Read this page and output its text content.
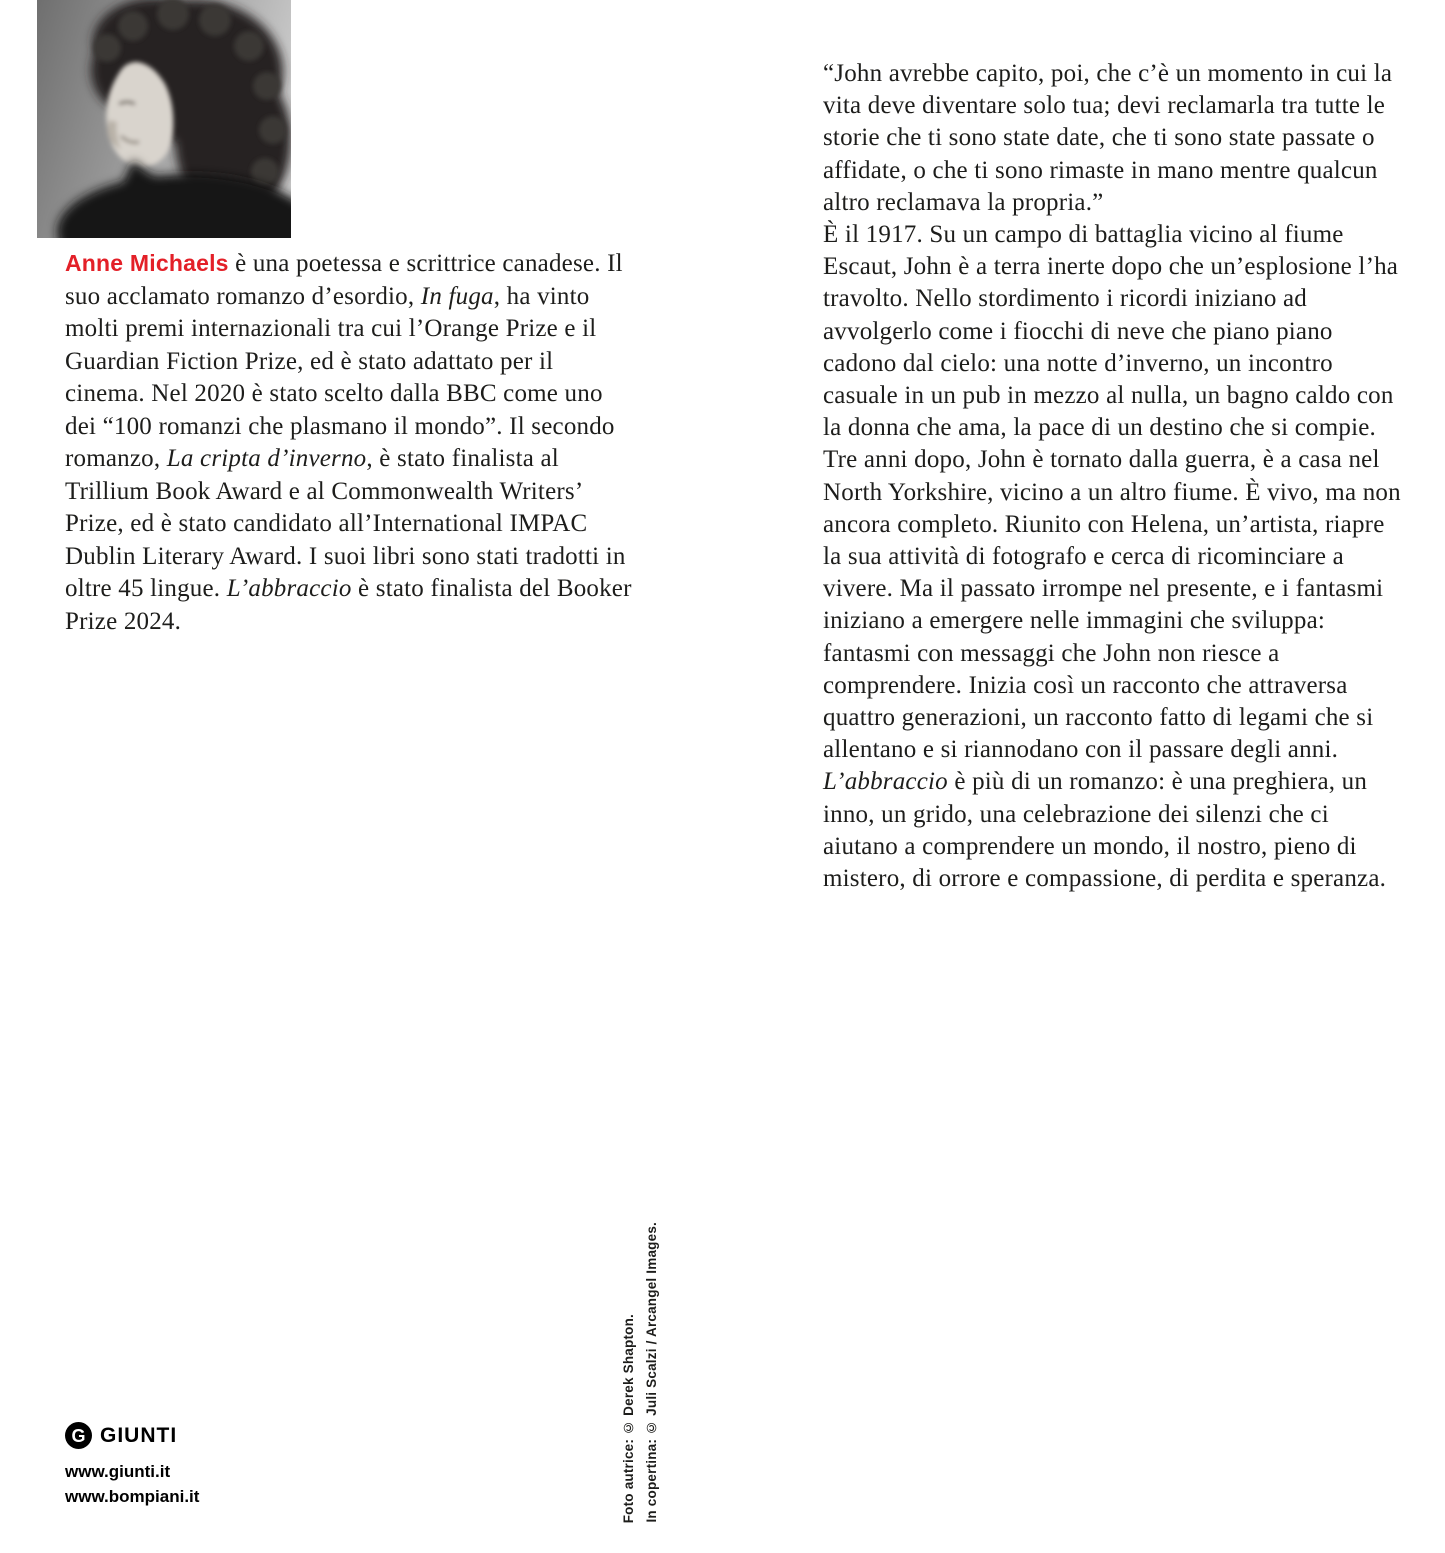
Anne Michaels è una poetessa e scrittrice canadese. Il suo acclamato romanzo d’esordio, In fuga, ha vinto molti premi internazionali tra cui l’Orange Prize e il Guardian Fiction Prize, ed è stato adattato per il cinema. Nel 2020 è stato scelto dalla BBC come uno dei “100 romanzi che plasmano il mondo”. Il secondo romanzo, La cripta d’inverno, è stato finalista al Trillium Book Award e al Commonwealth Writers’ Prize, ed è stato candidato all’International IMPAC Dublin Literary Award. I suoi libri sono stati tradotti in oltre 45 lingue. L’abbraccio è stato finalista del Booker Prize 2024.

“John avrebbe capito, poi, che c’è un momento in cui la vita deve diventare solo tua; devi reclamarla tra tutte le storie che ti sono state date, che ti sono state passate o affidate, o che ti sono rimaste in mano mentre qualcun altro reclamava la propria.”

È il 1917. Su un campo di battaglia vicino al fiume Escaut, John è a terra inerte dopo che un’esplosione l’ha travolto. Nello stordimento i ricordi iniziano ad avvolgerlo come i fiocchi di neve che piano piano cadono dal cielo: una notte d’inverno, un incontro casuale in un pub in mezzo al nulla, un bagno caldo con la donna che ama, la pace di un destino che si compie.

Tre anni dopo, John è tornato dalla guerra, è a casa nel North Yorkshire, vicino a un altro fiume. È vivo, ma non ancora completo. Riunito con Helena, un’artista, riapre la sua attività di fotografo e cerca di ricominciare a vivere. Ma il passato irrompe nel presente, e i fantasmi iniziano a emergere nelle immagini che sviluppa: fantasmi con messaggi che John non riesce a comprendere. Inizia così un racconto che attraversa quattro generazioni, un racconto fatto di legami che si allentano e si riannodano con il passare degli anni.

L’abbraccio è più di un romanzo: è una preghiera, un inno, un grido, una celebrazione dei silenzi che ci aiutano a comprendere un mondo, il nostro, pieno di mistero, di orrore e compassione, di perdita e speranza.

Foto autrice: © Derek Shapton. In copertina: © Juli Scalzi / Arcangel Images.
G GIUNTI
www.giunti.it
www.bompiani.it
